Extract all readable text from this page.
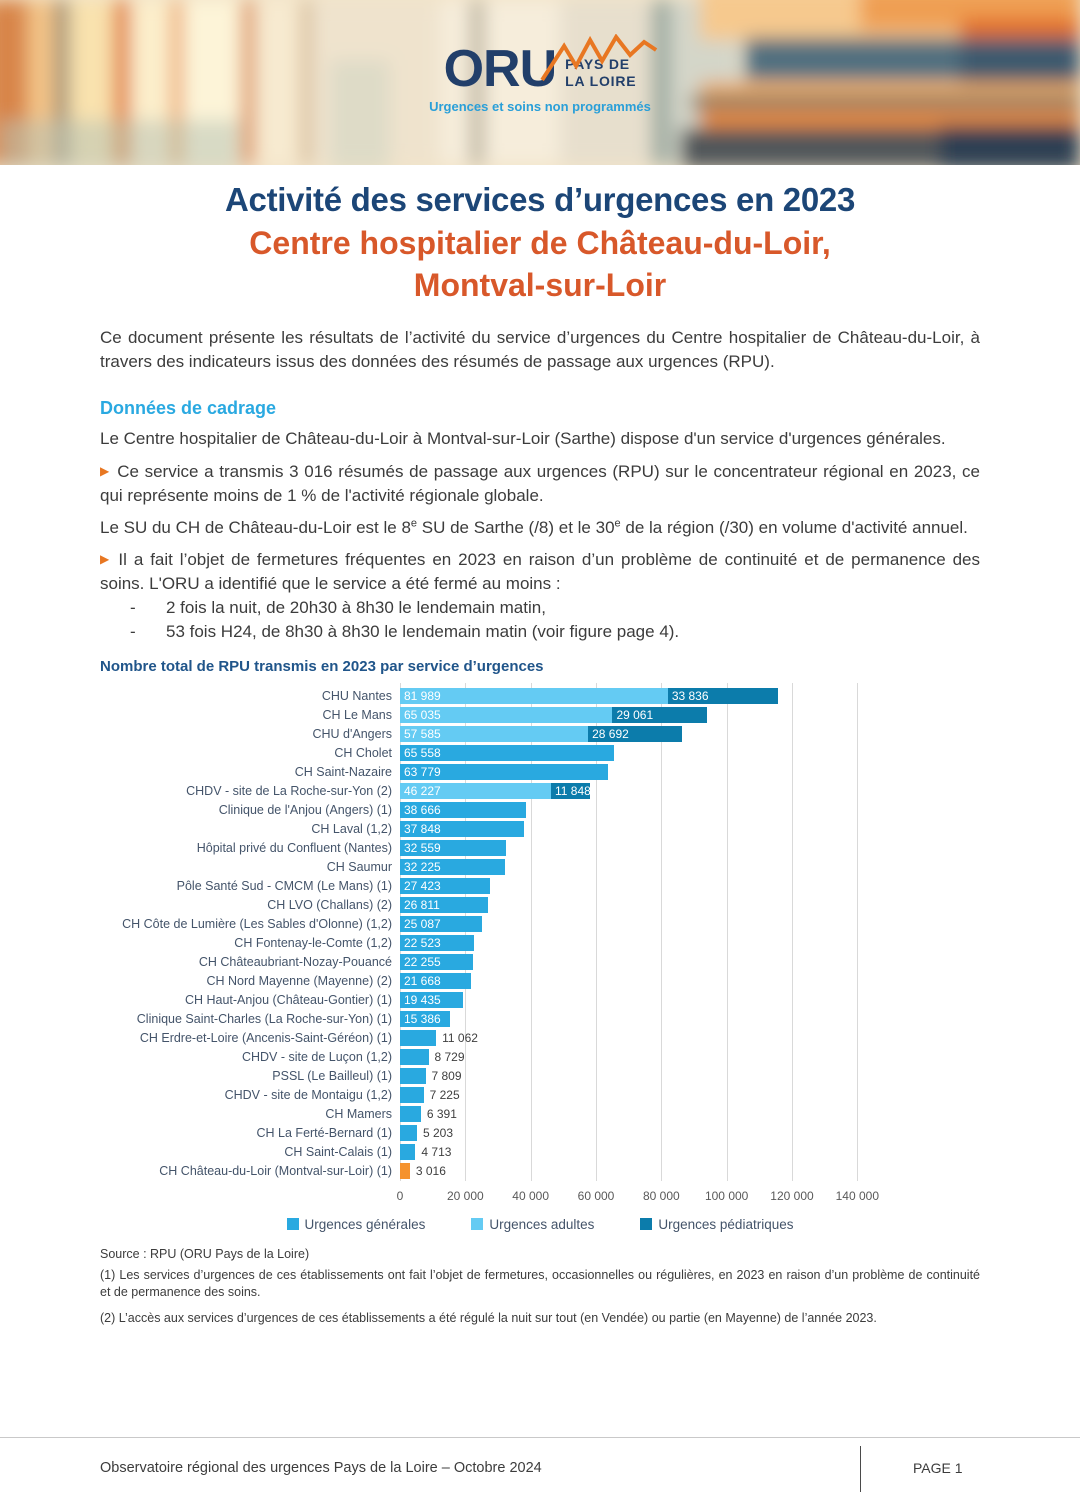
ORU PAYS DE
LA LOIRE
Urgences et soins non programmés
Activité des services d’urgences en 2023
Centre hospitalier de Château-du-Loir,
Montval-sur-Loir

Ce document présente les résultats de l’activité du service d’urgences du Centre hospitalier de Château-du-Loir, à travers des indicateurs issus des données des résumés de passage aux urgences (RPU).

Données de cadrage

Le Centre hospitalier de Château-du-Loir à Montval-sur-Loir (Sarthe) dispose d'un service d'urgences générales.

▶ Ce service a transmis 3 016 résumés de passage aux urgences (RPU) sur le concentrateur régional en 2023, ce qui représente moins de 1 % de l'activité régionale globale.

Le SU du CH de Château-du-Loir est le 8e SU de Sarthe (/8) et le 30e de la région (/30) en volume d'activité annuel.

▶ Il a fait l’objet de fermetures fréquentes en 2023 en raison d’un problème de continuité et de permanence des soins. L'ORU a identifié que le service a été fermé au moins :

-	2 fois la nuit, de 20h30 à 8h30 le lendemain matin,
-	53 fois H24, de 8h30 à 8h30 le lendemain matin (voir figure page 4).
Nombre total de RPU transmis en 2023 par service d’urgences
CHU Nantes	81 989	33 836
CH Le Mans	65 035	29 061
CHU d'Angers	57 585	28 692
CH Cholet	65 558
CH Saint-Nazaire	63 779
CHDV - site de La Roche-sur-Yon (2)	46 227	11 848
Clinique de l'Anjou (Angers) (1)	38 666
CH Laval (1,2)	37 848
Hôpital privé du Confluent (Nantes)	32 559
CH Saumur	32 225
Pôle Santé Sud - CMCM (Le Mans) (1)	27 423
CH LVO (Challans) (2)	26 811
CH Côte de Lumière (Les Sables d'Olonne) (1,2)	25 087
CH Fontenay-le-Comte (1,2)	22 523
CH Châteaubriant-Nozay-Pouancé	22 255
CH Nord Mayenne (Mayenne) (2)	21 668
CH Haut-Anjou (Château-Gontier) (1)	19 435
Clinique Saint-Charles (La Roche-sur-Yon) (1)	15 386
CH Erdre-et-Loire (Ancenis-Saint-Géréon) (1)	11 062
CHDV - site de Luçon (1,2)	8 729
PSSL (Le Bailleul) (1)	7 809
CHDV - site de Montaigu (1,2)	7 225
CH Mamers	6 391
CH La Ferté-Bernard (1)	5 203
CH Saint-Calais (1)	4 713
CH Château-du-Loir (Montval-sur-Loir) (1)	3 016
0	20 000 40 000 60 000 80 000 100 000 120 000 140 000
Urgences générales	Urgences adultes	Urgences pédiatriques

Source : RPU (ORU Pays de la Loire)

(1) Les services d’urgences de ces établissements ont fait l’objet de fermetures, occasionnelles ou régulières, en 2023 en raison d’un problème de continuité et de permanence des soins.

(2) L’accès aux services d’urgences de ces établissements a été régulé la nuit sur tout (en Vendée) ou partie (en Mayenne) de l’année 2023.

Observatoire régional des urgences Pays de la Loire – Octobre 2024	PAGE 1
